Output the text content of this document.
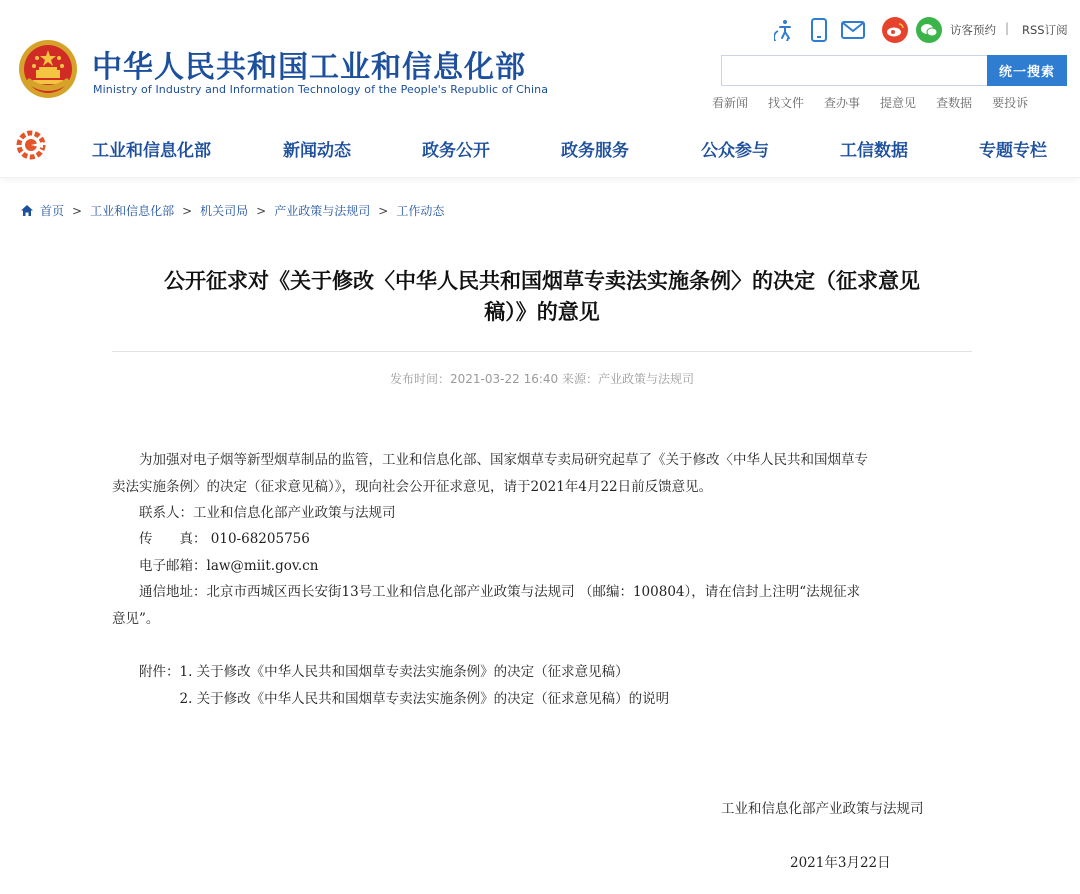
中华人民共和国工业和信息化部
Ministry of Industry and Information Technology of the People's Republic of China
访客预约 | RSS订阅
统一搜索
看新闻 找文件 查办事 提意见 查数据 要投诉
工业和信息化部	新闻动态	政务公开	政务服务	公众参与	工信数据	专题专栏
首页 > 工业和信息化部 > 机关司局 > 产业政策与法规司 > 工作动态
公开征求对《关于修改〈中华人民共和国烟草专卖法实施条例〉的决定（征求意见
稿）》的意见
发布时间：2021-03-22 16:40 来源：产业政策与法规司
　　为加强对电子烟等新型烟草制品的监管，工业和信息化部、国家烟草专卖局研究起草了《关于修改〈中华人民共和国烟草专
卖法实施条例〉的决定（征求意见稿）》，现向社会公开征求意见，请于2021年4月22日前反馈意见。
　　联系人：工业和信息化部产业政策与法规司
　　传　　真： 010-68205756
　　电子邮箱：law@miit.gov.cn
　　通信地址：北京市西城区西长安街13号工业和信息化部产业政策与法规司 （邮编：100804），请在信封上注明“法规征求
意见”。
　　附件：1. 关于修改《中华人民共和国烟草专卖法实施条例》的决定（征求意见稿）
　　　　　2. 关于修改《中华人民共和国烟草专卖法实施条例》的决定（征求意见稿）的说明
工业和信息化部产业政策与法规司
2021年3月22日
